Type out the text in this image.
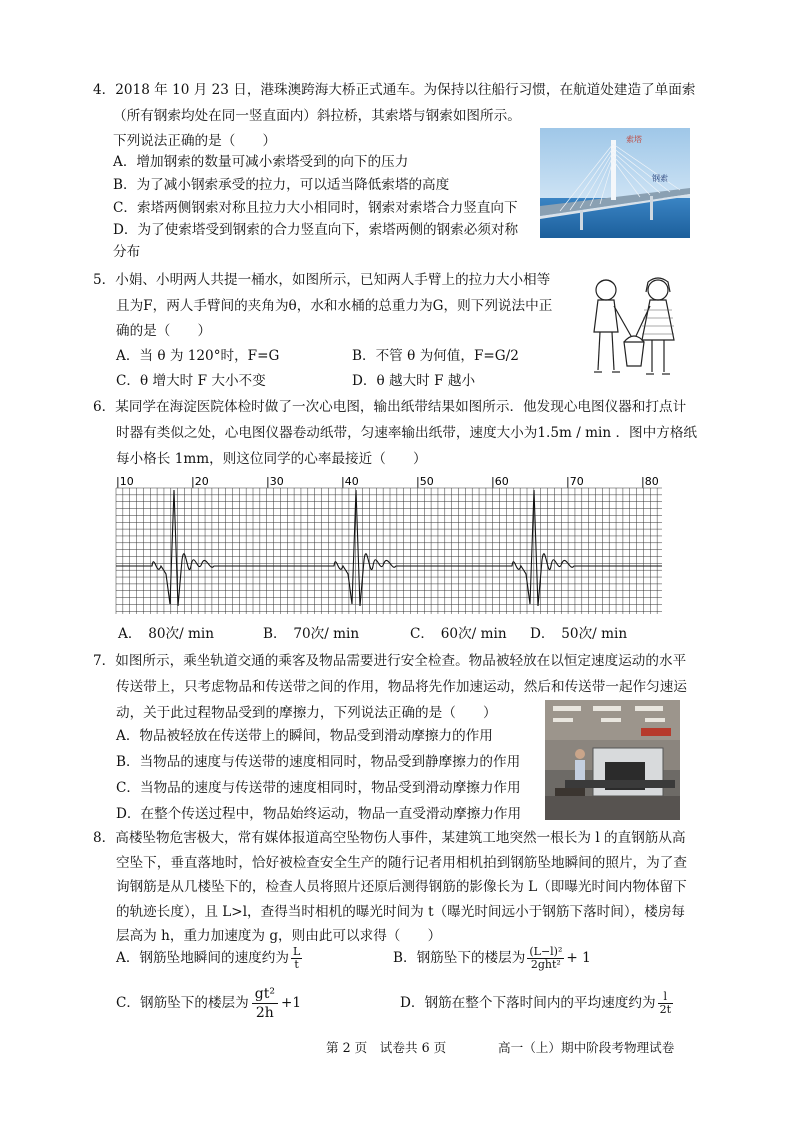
4．2018 年 10 月 23 日，港珠澳跨海大桥正式通车。为保持以往船行习惯，在航道处建造了单面索
（所有钢索均处在同一竖直面内）斜拉桥，其索塔与钢索如图所示。
下列说法正确的是（　　）
A．增加钢索的数量可减小索塔受到的向下的压力
B．为了减小钢索承受的拉力，可以适当降低索塔的高度
C．索塔两侧钢索对称且拉力大小相同时，钢索对索塔合力竖直向下
D．为了使索塔受到钢索的合力竖直向下，索塔两侧的钢索必须对称
分布
索塔
钢索
5．小娟、小明两人共提一桶水，如图所示，已知两人手臂上的拉力大小相等
且为F，两人手臂间的夹角为θ，水和水桶的总重力为G，则下列说法中正
确的是（　　）
A．当 θ 为 120°时，F=G	B．不管 θ 为何值，F=G/2
C．θ 增大时 F 大小不变	D．θ 越大时 F 越小
6．某同学在海淀医院体检时做了一次心电图，输出纸带结果如图所示．他发现心电图仪器和打点计
时器有类似之处，心电图仪器卷动纸带，匀速率输出纸带，速度大小为1.5m / min ．图中方格纸
每小格长 1mm，则这位同学的心率最接近（　　）
|10	|20	|30	|40	|50	|60	|70	|80
A．　80次/ min	B．　70次/ min	C．　60次/ min D．　50次/ min
7．如图所示，乘坐轨道交通的乘客及物品需要进行安全检查。物品被轻放在以恒定速度运动的水平
传送带上，只考虑物品和传送带之间的作用，物品将先作加速运动，然后和传送带一起作匀速运
动，关于此过程物品受到的摩擦力，下列说法正确的是（　　）
A．物品被轻放在传送带上的瞬间，物品受到滑动摩擦力的作用
B．当物品的速度与传送带的速度相同时，物品受到静摩擦力的作用
C．当物品的速度与传送带的速度相同时，物品受到滑动摩擦力作用
D．在整个传送过程中，物品始终运动，物品一直受滑动摩擦力作用
8．高楼坠物危害极大，常有媒体报道高空坠物伤人事件，某建筑工地突然一根长为 l 的直钢筋从高
空坠下，垂直落地时，恰好被检查安全生产的随行记者用相机拍到钢筋坠地瞬间的照片，为了查
询钢筋是从几楼坠下的，检查人员将照片还原后测得钢筋的影像长为 L（即曝光时间内物体留下
的轨迹长度），且 L>l，查得当时相机的曝光时间为 t（曝光时间远小于钢筋下落时间），楼房每
层高为 h，重力加速度为 g，则由此可以求得（　　）
A．钢筋坠地瞬间的速度约为 $\frac{L}{t}$	B．钢筋坠下的楼层为 $\frac{\text{(L−l)²}}{\text{2ght²}} + 1$
C．钢筋坠下的楼层为 $\frac{\text{gt²}}{2h} +1$	D．钢筋在整个下落时间内的平均速度约为 $\frac{l}{2t}$
第 2 页　试卷共 6 页	高一（上）期中阶段考物理试卷
